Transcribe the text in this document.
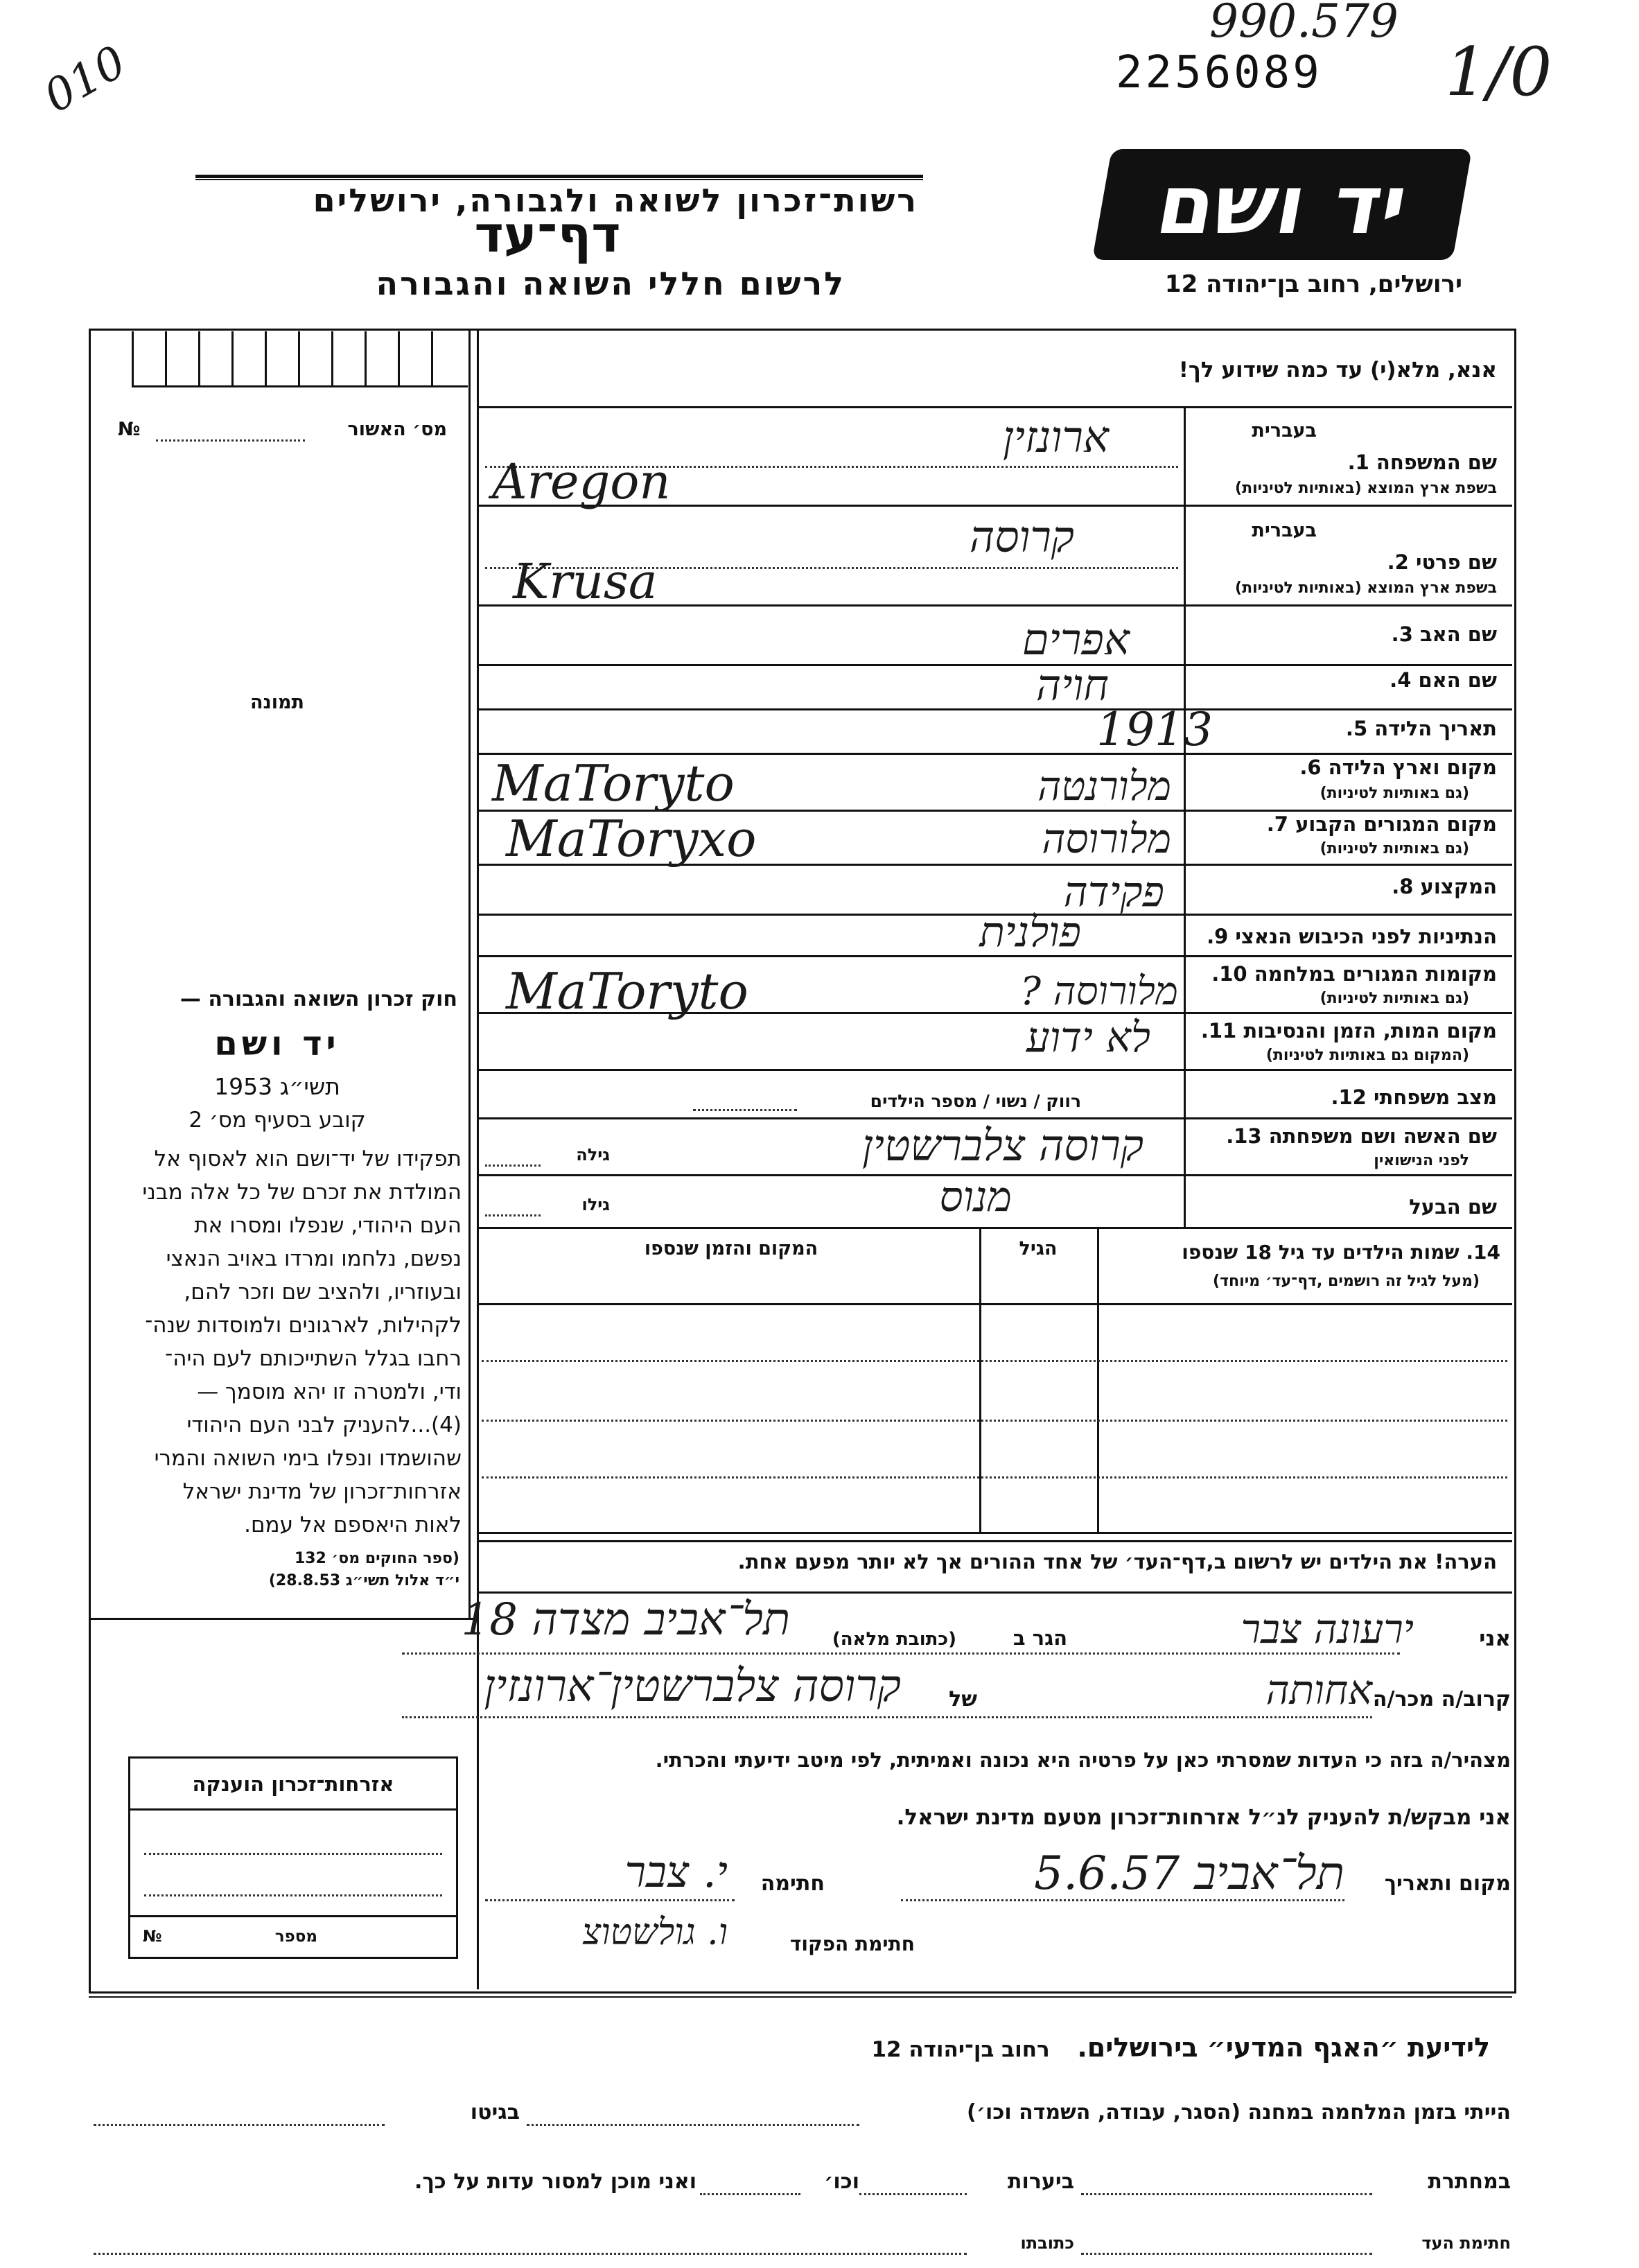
010
990.579
2256089 1/0
רשות־זכרון לשואה ולגבורה, ירושלים
דף־עד
לרשום חללי השואה והגבורה
יד ושם
ירושלים, רחוב בן־יהודה 12
מס׳ האשור
№
תמונה
חוק זכרון השואה והגבורה —
יד ושם
תשי״ג 1953
קובע בסעיף מס׳ 2
תפקידו של יד־ושם הוא לאסוף אל
המולדת את זכרם של כל אלה מבני
העם היהודי, שנפלו ומסרו את
נפשם, נלחמו ומרדו באויב הנאצי
ובעוזריו, ולהציב שם וזכר להם,
לקהילות, לארגונים ולמוסדות שנה־
רחבו בגלל השתייכותם לעם היה־
ודי, ולמטרה זו יהא מוסמך —
(4)...להעניק לבני העם היהודי
שהושמדו ונפלו בימי השואה והמרי
אזרחות־זכרון של מדינת ישראל
לאות היאספם אל עמם.
(ספר החוקים מס׳ 132
י״ד אלול תשי״ג 28.8.53)
אנא, מלא(י) עד כמה שידוע לך!
בעברית
שם המשפחה 1.
בשפת ארץ המוצא (באותיות לטיניות)
ארונזין
Aregon
בעברית
שם פרטי 2.
בשפת ארץ המוצא (באותיות לטיניות)
קרוסה
Krusa
שם האב 3.
אפרים
שם האם 4.
חויה
תאריך הלידה 5.
1913
מקום וארץ הלידה 6.
(גם באותיות לטיניות)
MaToryto	מלורנטה
מקום המגורים הקבוע 7.
(גם באותיות לטיניות)
MaToryxo	מלורוסה
המקצוע 8.
פקידה
הנתיניות לפני הכיבוש הנאצי 9.
פולנית
מקומות המגורים במלחמה 10.
(גם באותיות לטיניות)
MaToryto	מלורוסה ?
מקום המות, הזמן והנסיבות 11.
(המקום גם באותיות לטיניות)
לא ידוע
מצב משפחתי 12.
רווק / נשוי / מספר הילדים
שם האשה ושם משפחתה 13.
לפני הנישואין
גילה	קרוסה צלברשטין
שם הבעל
גילו	מנוס
14. שמות הילדים עד גיל 18 שנספו
(מעל לגיל זה רושמים ,דף־עד׳ מיוחד)
הגיל
המקום והזמן שנספו
הערה! את הילדים יש לרשום ב,דף־העד׳ של אחד ההורים אך לא יותר מפעם אחת.
אני
ירעונה צבר
הגר ב
(כתובת מלאה)
תל־אביב מצדה 18
קרוב/ה מכר/ה
אחותה
של
קרוסה צלברשטין־ארונזין
מצהיר/ה בזה כי העדות שמסרתי כאן על פרטיה היא נכונה ואמיתית, לפי מיטב ידיעתי והכרתי.
אני מבקש/ת להעניק לנ״ל אזרחות־זכרון מטעם מדינת ישראל.
מקום ותאריך
תל־אביב 5.6.57
חתימה
י. צבר
חתימת הפקוד
ו. גולשטוצ
אזרחות־זכרון הוענקה
מספר
№
לידיעת ״האגף המדעי״ בירושלים.   רחוב בן־יהודה 12
הייתי בזמן המלחמה במחנה (הסגר, עבודה, השמדה וכו׳)
בגיטו
במחתרת
ביערות
וכו׳
ואני מוכן למסור עדות על כך.
חתימת העד
כתובתו
